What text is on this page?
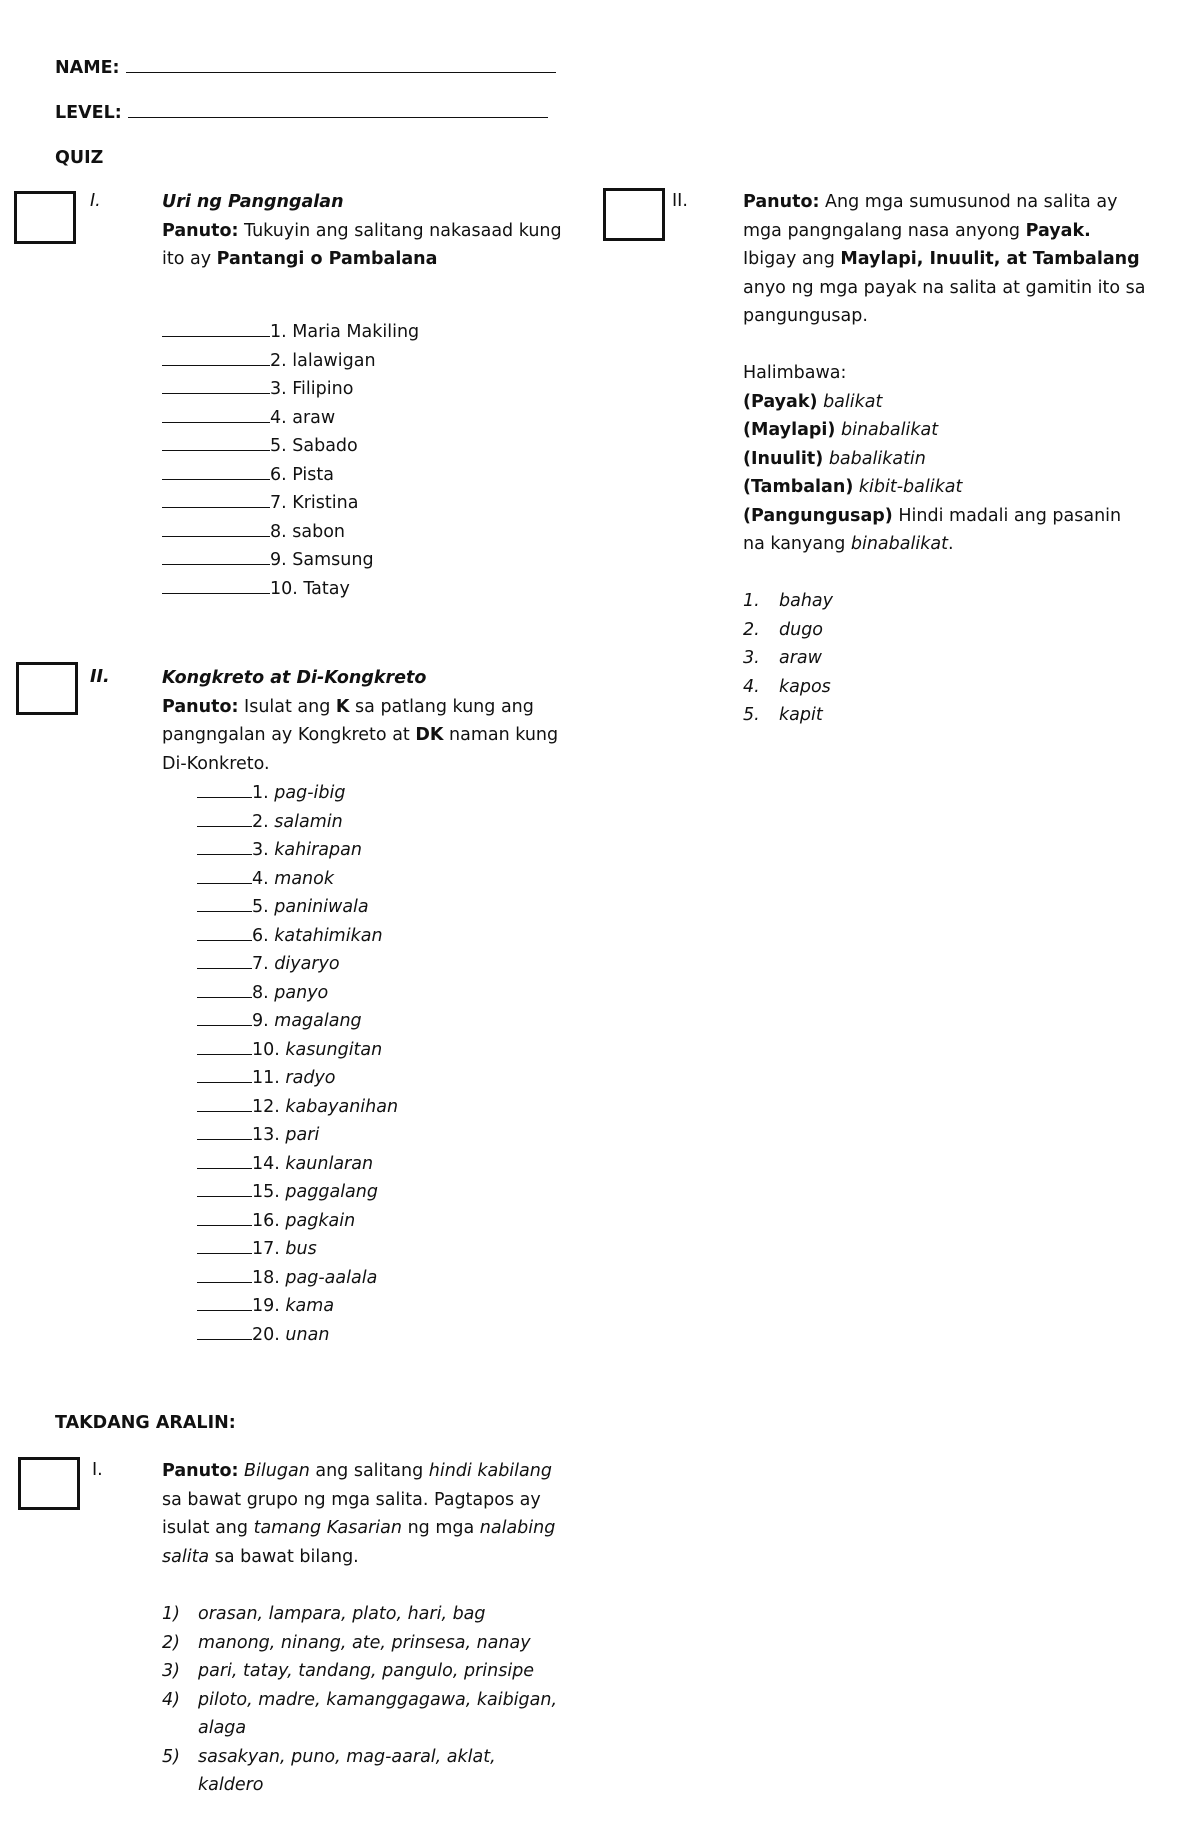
NAME:
LEVEL:
QUIZ
I.	Uri ng Pangngalan
Panuto: Tukuyin ang salitang nakasaad kung ito ay Pantangi o Pambalana
1. Maria Makiling
2. lalawigan
3. Filipino
4. araw
5. Sabado
6. Pista
7. Kristina
8. sabon
9. Samsung
10. Tatay
II.	Kongkreto at Di-Kongkreto
Panuto: Isulat ang K sa patlang kung ang pangngalan ay Kongkreto at DK naman kung Di-Konkreto.
1. pag-ibig
2. salamin
3. kahirapan
4. manok
5. paniniwala
6. katahimikan
7. diyaryo
8. panyo
9. magalang
10. kasungitan
11. radyo
12. kabayanihan
13. pari
14. kaunlaran
15. paggalang
16. pagkain
17. bus
18. pag-aalala
19. kama
20. unan
II.	Panuto: Ang mga sumusunod na salita ay mga pangngalang nasa anyong Payak. Ibigay ang Maylapi, Inuulit, at Tambalang anyo ng mga payak na salita at gamitin ito sa pangungusap.
Halimbawa:
(Payak) balikat
(Maylapi) binabalikat
(Inuulit) babalikatin
(Tambalan) kibit-balikat
(Pangungusap) Hindi madali ang pasanin na kanyang binabalikat.
1. bahay
2. dugo
3. araw
4. kapos
5. kapit
TAKDANG ARALIN:
I.	Panuto: Bilugan ang salitang hindi kabilang sa bawat grupo ng mga salita. Pagtapos ay isulat ang tamang Kasarian ng mga nalabing salita sa bawat bilang.
1) orasan, lampara, plato, hari, bag
2) manong, ninang, ate, prinsesa, nanay
3) pari, tatay, tandang, pangulo, prinsipe
4) piloto, madre, kamanggagawa, kaibigan,
alaga
5) sasakyan, puno, mag-aaral, aklat,
kaldero
